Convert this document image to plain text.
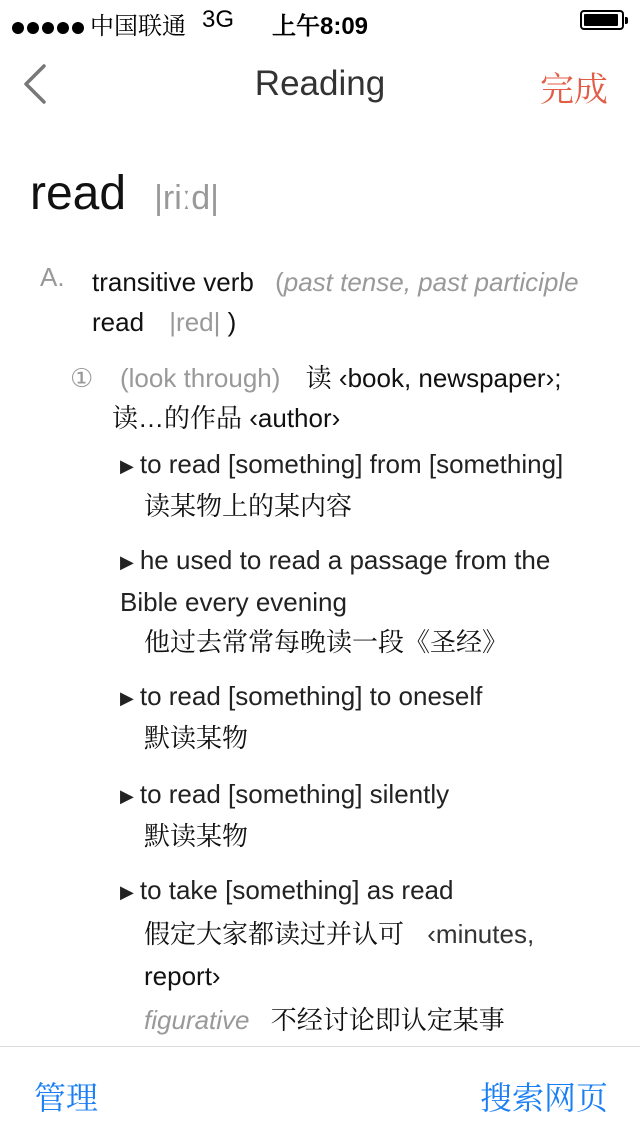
中国联通 3G 上午8:09
Reading	完成
read |riːd|
A. transitive verb (past tense, past participle
read |red| )
① (look through) 读 ‹book, newspaper›;
读…的作品 ‹author›
▶ to read [something] from [something]
读某物上的某内容
▶ he used to read a passage from the
Bible every evening
他过去常常每晚读一段《圣经》
▶ to read [something] to oneself
默读某物
▶ to read [something] silently
默读某物
▶ to take [something] as read
假定大家都读过并认可 ‹minutes,
report›
figurative 不经讨论即认定某事
管理	搜索网页
